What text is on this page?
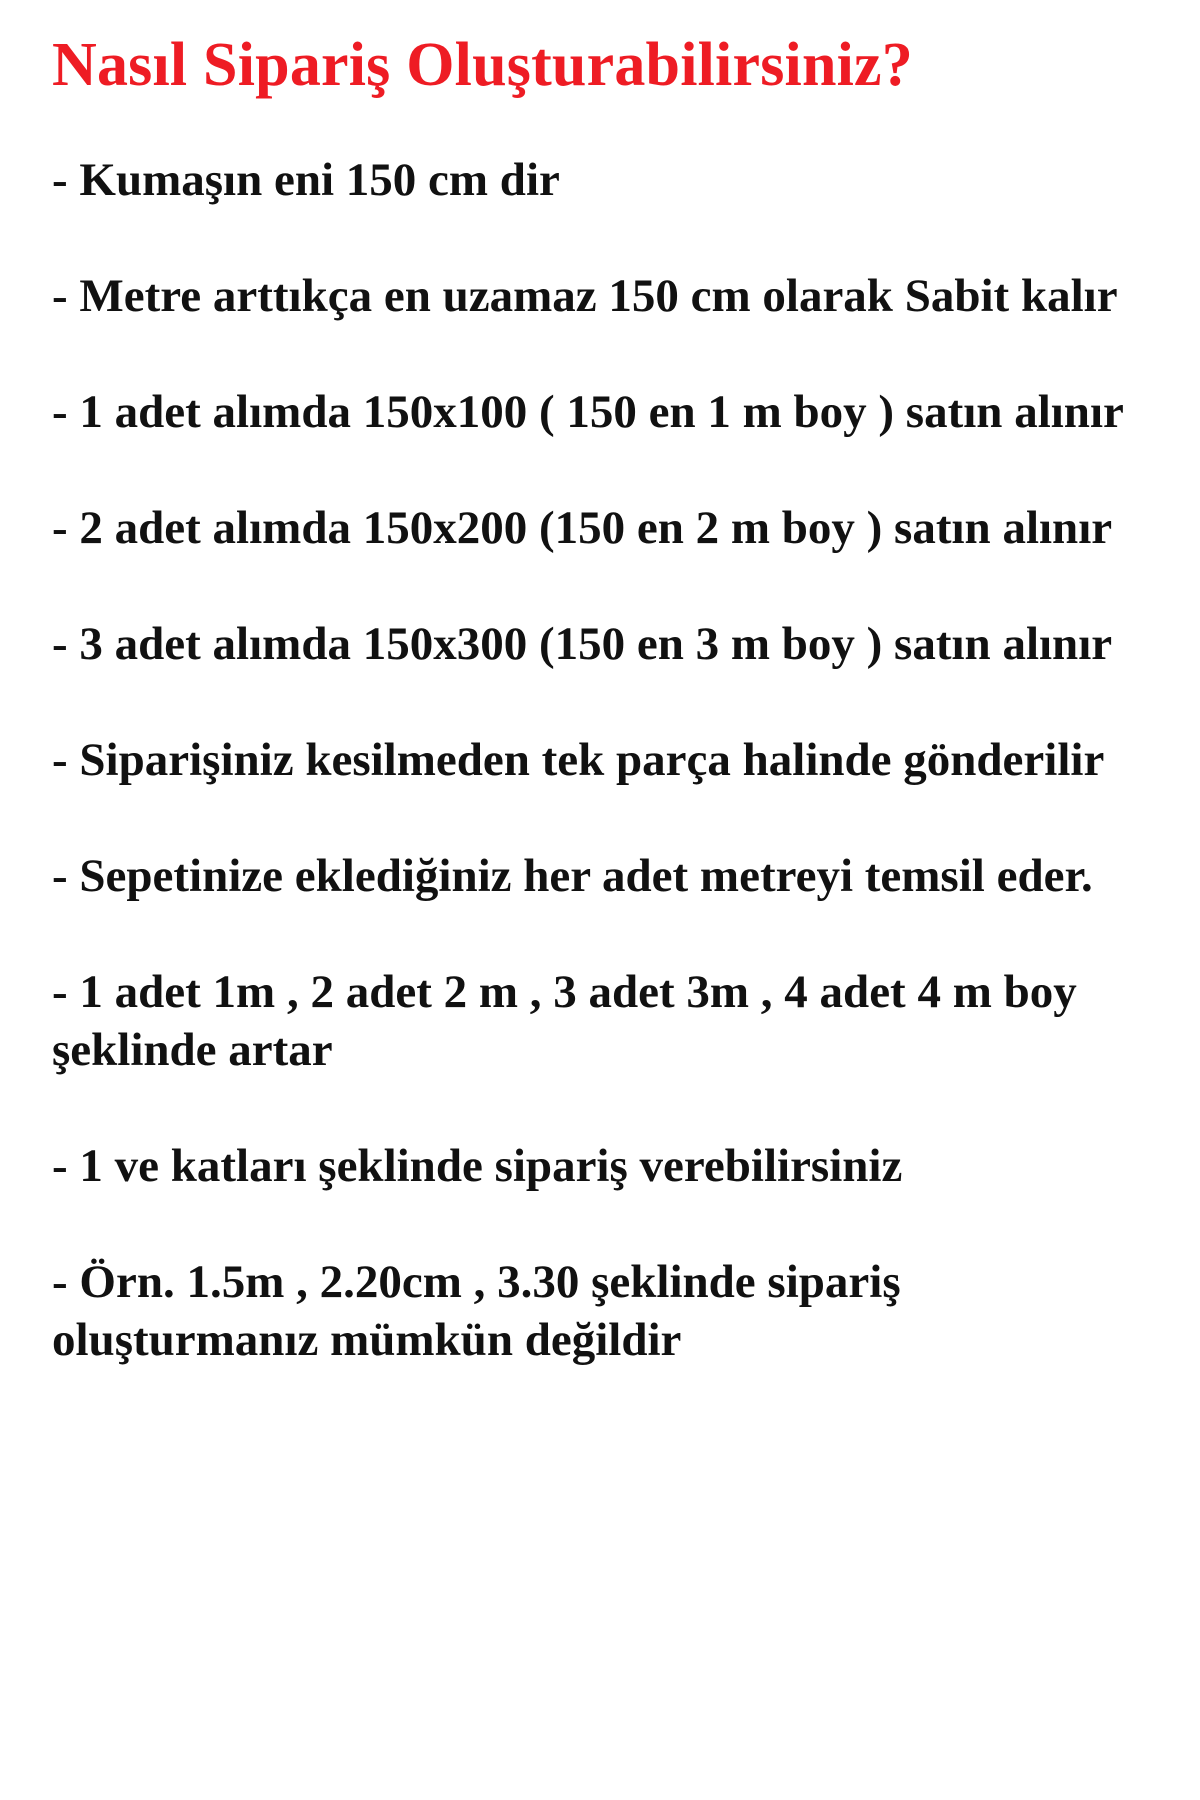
Nasıl Sipariş Oluşturabilirsiniz?
- Kumaşın eni 150 cm dir
- Metre arttıkça en uzamaz 150 cm olarak Sabit kalır
- 1 adet alımda 150x100 ( 150 en 1 m boy ) satın alınır
- 2 adet alımda 150x200 (150 en 2 m boy ) satın alınır
- 3 adet alımda 150x300 (150 en 3 m boy ) satın alınır
- Siparişiniz kesilmeden tek parça halinde gönderilir
- Sepetinize eklediğiniz her adet metreyi temsil eder.
- 1 adet 1m , 2 adet 2 m , 3 adet 3m , 4 adet 4 m boy şeklinde artar
- 1 ve katları şeklinde sipariş verebilirsiniz
- Örn. 1.5m , 2.20cm , 3.30 şeklinde sipariş oluşturmanız mümkün değildir
